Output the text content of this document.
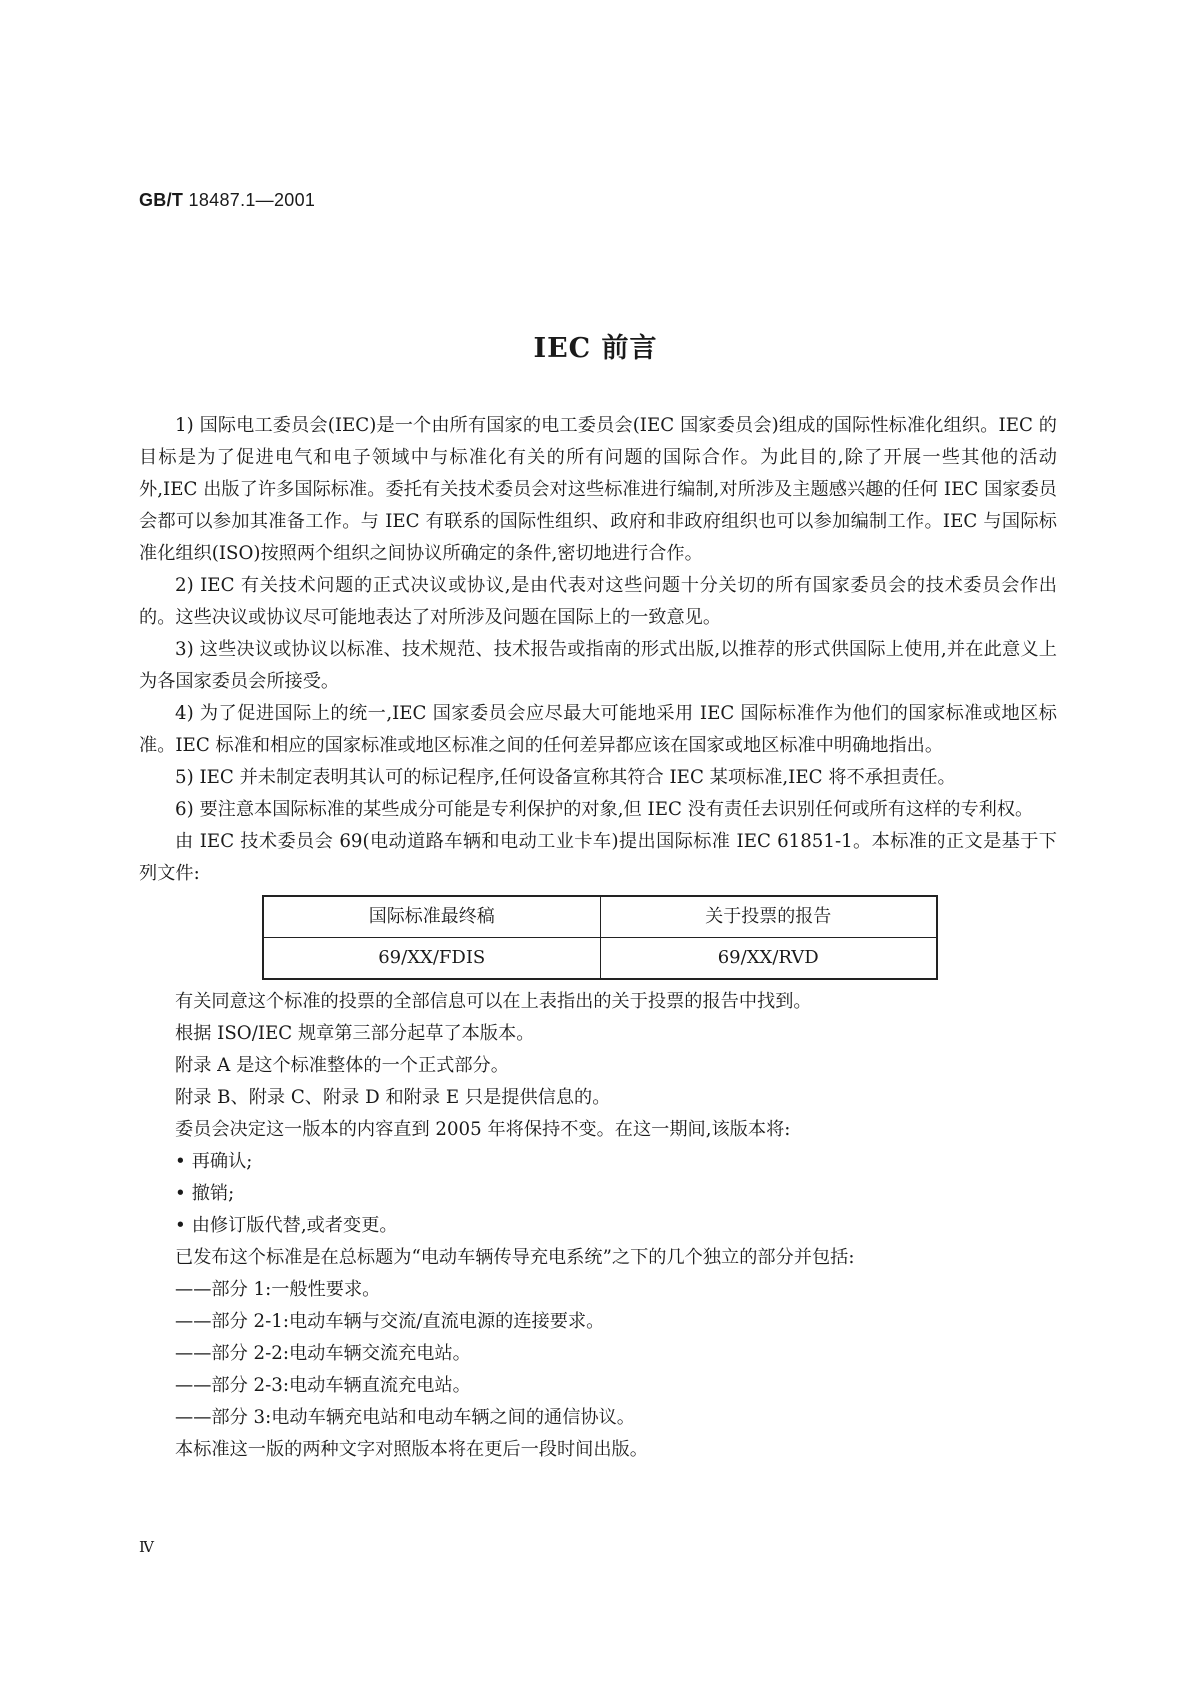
GB/T 18487.1—2001
IEC 前言

1) 国际电工委员会(IEC)是一个由所有国家的电工委员会(IEC 国家委员会)组成的国际性标准化组织。IEC 的目标是为了促进电气和电子领域中与标准化有关的所有问题的国际合作。为此目的,除了开展一些其他的活动外,IEC 出版了许多国际标准。委托有关技术委员会对这些标准进行编制,对所涉及主题感兴趣的任何 IEC 国家委员会都可以参加其准备工作。与 IEC 有联系的国际性组织、政府和非政府组织也可以参加编制工作。IEC 与国际标准化组织(ISO)按照两个组织之间协议所确定的条件,密切地进行合作。

2) IEC 有关技术问题的正式决议或协议,是由代表对这些问题十分关切的所有国家委员会的技术委员会作出的。这些决议或协议尽可能地表达了对所涉及问题在国际上的一致意见。

3) 这些决议或协议以标准、技术规范、技术报告或指南的形式出版,以推荐的形式供国际上使用,并在此意义上为各国家委员会所接受。

4) 为了促进国际上的统一,IEC 国家委员会应尽最大可能地采用 IEC 国际标准作为他们的国家标准或地区标准。IEC 标准和相应的国家标准或地区标准之间的任何差异都应该在国家或地区标准中明确地指出。

5) IEC 并未制定表明其认可的标记程序,任何设备宣称其符合 IEC 某项标准,IEC 将不承担责任。

6) 要注意本国际标准的某些成分可能是专利保护的对象,但 IEC 没有责任去识别任何或所有这样的专利权。

由 IEC 技术委员会 69(电动道路车辆和电动工业卡车)提出国际标准 IEC 61851-1。本标准的正文是基于下列文件:

国际标准最终稿	关于投票的报告
69/XX/FDIS	69/XX/RVD

有关同意这个标准的投票的全部信息可以在上表指出的关于投票的报告中找到。

根据 ISO/IEC 规章第三部分起草了本版本。

附录 A 是这个标准整体的一个正式部分。

附录 B、附录 C、附录 D 和附录 E 只是提供信息的。

委员会决定这一版本的内容直到 2005 年将保持不变。在这一期间,该版本将:

• 再确认;

• 撤销;

• 由修订版代替,或者变更。

已发布这个标准是在总标题为“电动车辆传导充电系统”之下的几个独立的部分并包括:

——部分 1:一般性要求。

——部分 2-1:电动车辆与交流/直流电源的连接要求。

——部分 2-2:电动车辆交流充电站。

——部分 2-3:电动车辆直流充电站。

——部分 3:电动车辆充电站和电动车辆之间的通信协议。

本标准这一版的两种文字对照版本将在更后一段时间出版。

Ⅳ
